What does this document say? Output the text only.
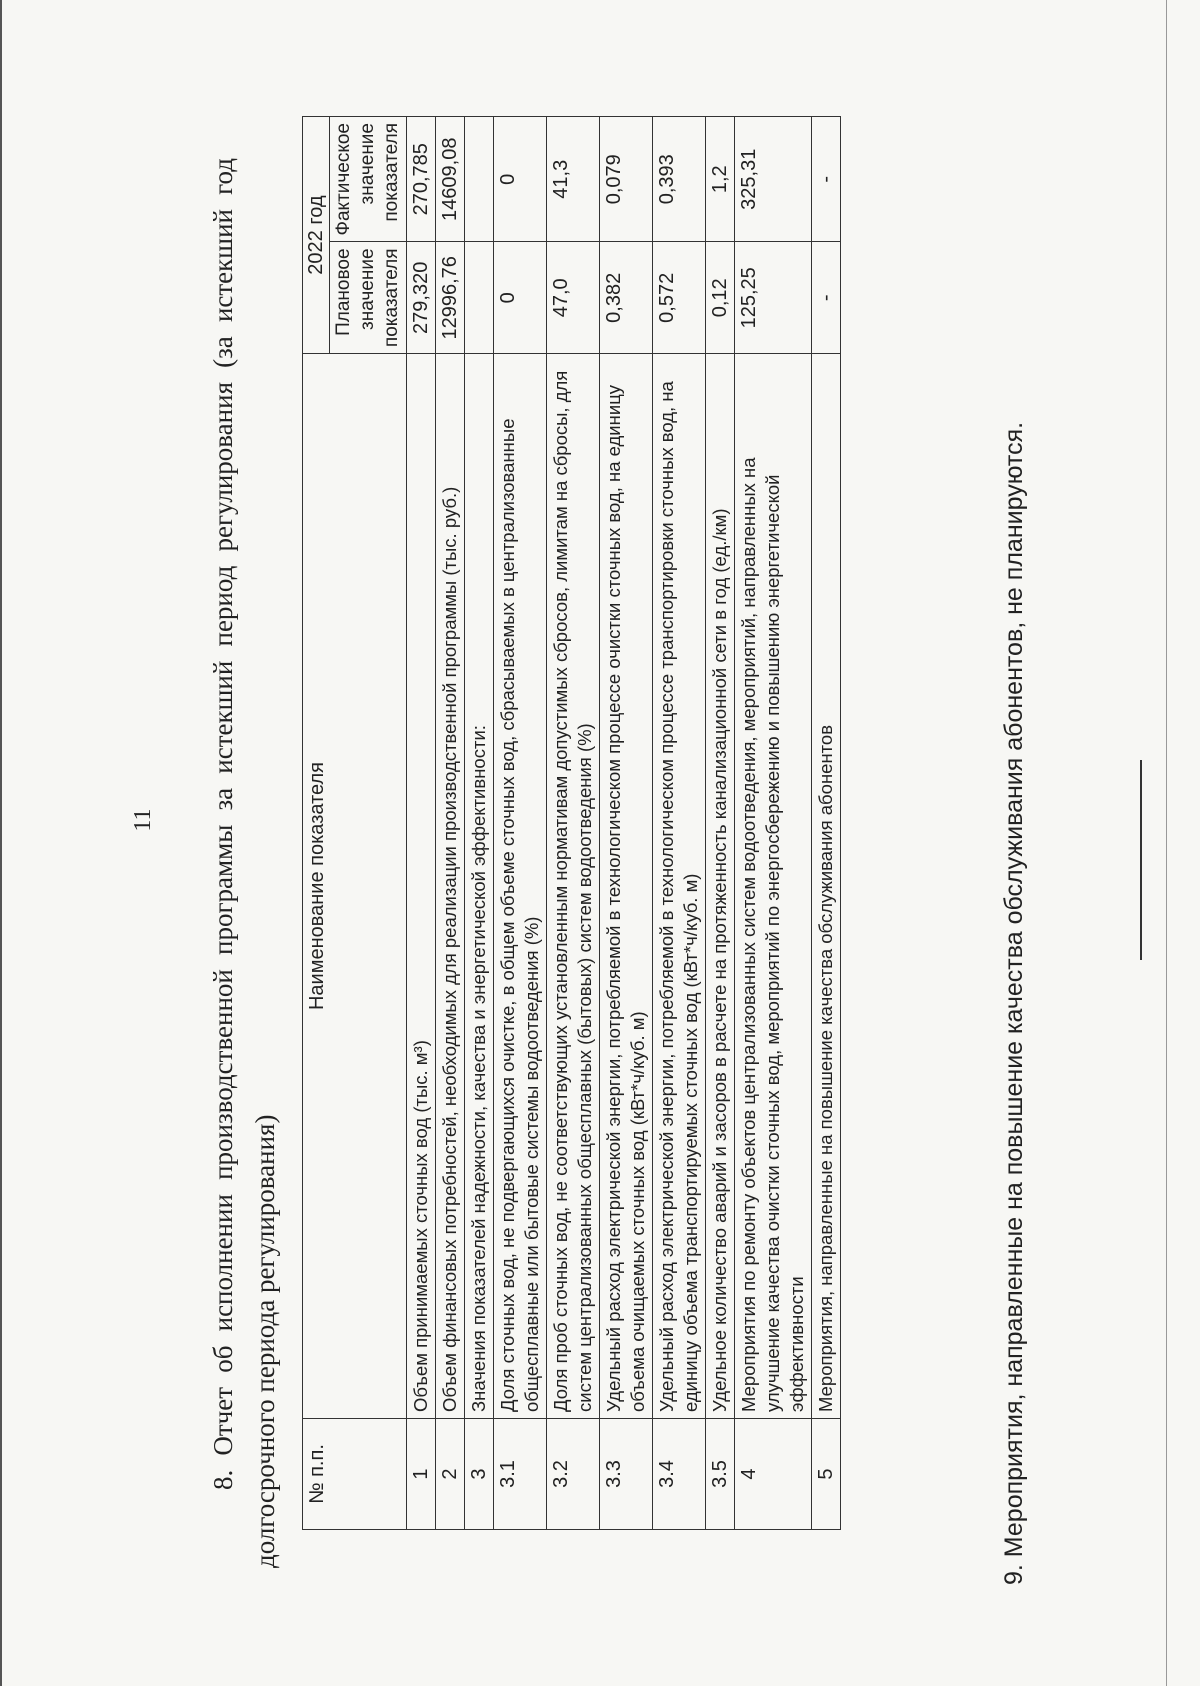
11 8. Отчет об исполнении производственной программы за истекший период регулирования (за истекший год долгосрочного периода регулирования)	№ п.п.	Наименование показателя	2022 год	
		Плановое значение показателя	Фактическое значение показателя
1	Объем принимаемых сточных вод (тыс. м³)	279,320	270,785
2	Объем финансовых потребностей, необходимых для реализации производственной программы (тыс. руб.)	12996,76	14609,08
3	Значения показателей надежности, качества и энергетической эффективности:		
3.1	Доля сточных вод, не подвергающихся очистке, в общем объеме сточных вод, сбрасываемых в централизованные общесплавные или бытовые системы водоотведения (%)	0	0
3.2	Доля проб сточных вод, не соответствующих установленным нормативам допустимых сбросов, лимитам на сбросы, для систем централизованных общесплавных (бытовых) систем водоотведения (%)	47,0	41,3
3.3	Удельный расход электрической энергии, потребляемой в технологическом процессе очистки сточных вод, на единицу объема очищаемых сточных вод (кВт*ч/куб. м)	0,382	0,079
3.4	Удельный расход электрической энергии, потребляемой в технологическом процессе транспортировки сточных вод, на единицу объема транспортируемых сточных вод (кВт*ч/куб. м)	0,572	0,393
3.5	Удельное количество аварий и засоров в расчете на протяженность канализационной сети в год (ед./км)	0,12	1,2
4	Мероприятия по ремонту объектов централизованных систем водоотведения, мероприятий, направленных на улучшение качества очистки сточных вод, мероприятий по энергосбережению и повышению энергетической эффективности	125,25	325,31
5	Мероприятия, направленные на повышение качества обслуживания абонентов	-	-
9. Мероприятия, направленные на повышение качества обслуживания абонентов, не планируются.
